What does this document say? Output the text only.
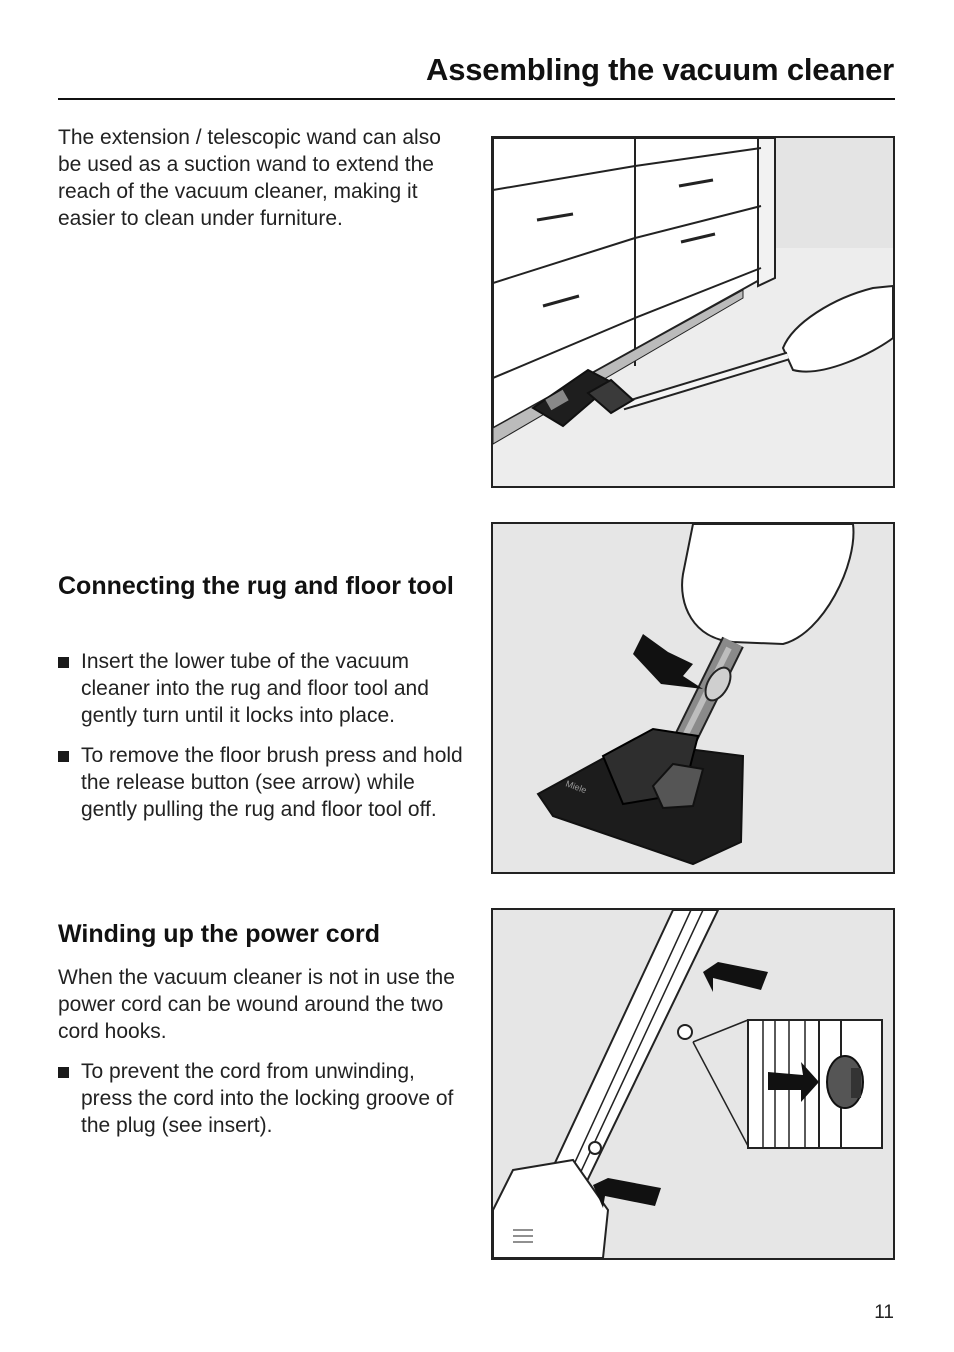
Assembling the vacuum cleaner
The extension / telescopic wand can also be used as a suction wand to extend the reach of the vacuum cleaner, making it easier to clean under furniture.
Connecting the rug and floor tool
Insert the lower tube of the vacuum cleaner into the rug and floor tool and gently turn until it locks into place.
To remove the floor brush press and hold the release button (see arrow) while gently pulling the rug and floor tool off.
Miele
Winding up the power cord
When the vacuum cleaner is not in use the power cord can be wound around the two cord hooks.
To prevent the cord from unwinding, press the cord into the locking groove of the plug (see insert).
11
